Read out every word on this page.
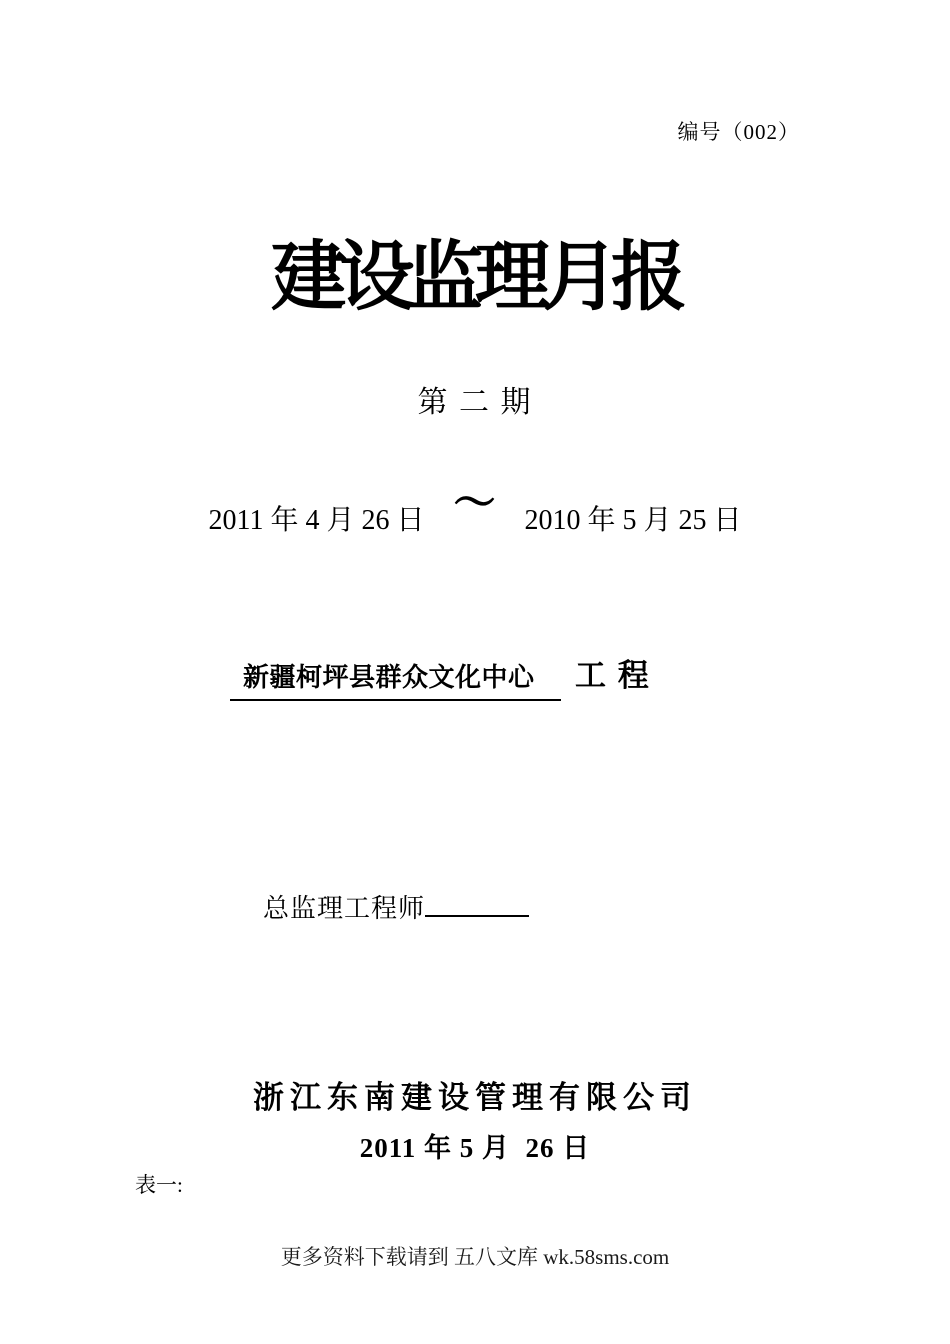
编号（002）
建设监理月报
第 二 期
2011 年 4 月 26 日 ～ 2010 年 5 月 25 日
新疆柯坪县群众文化中心 工 程
总监理工程师
浙江东南建设管理有限公司
2011 年 5 月  26 日
表一:
更多资料下载请到 五八文库 wk.58sms.com
